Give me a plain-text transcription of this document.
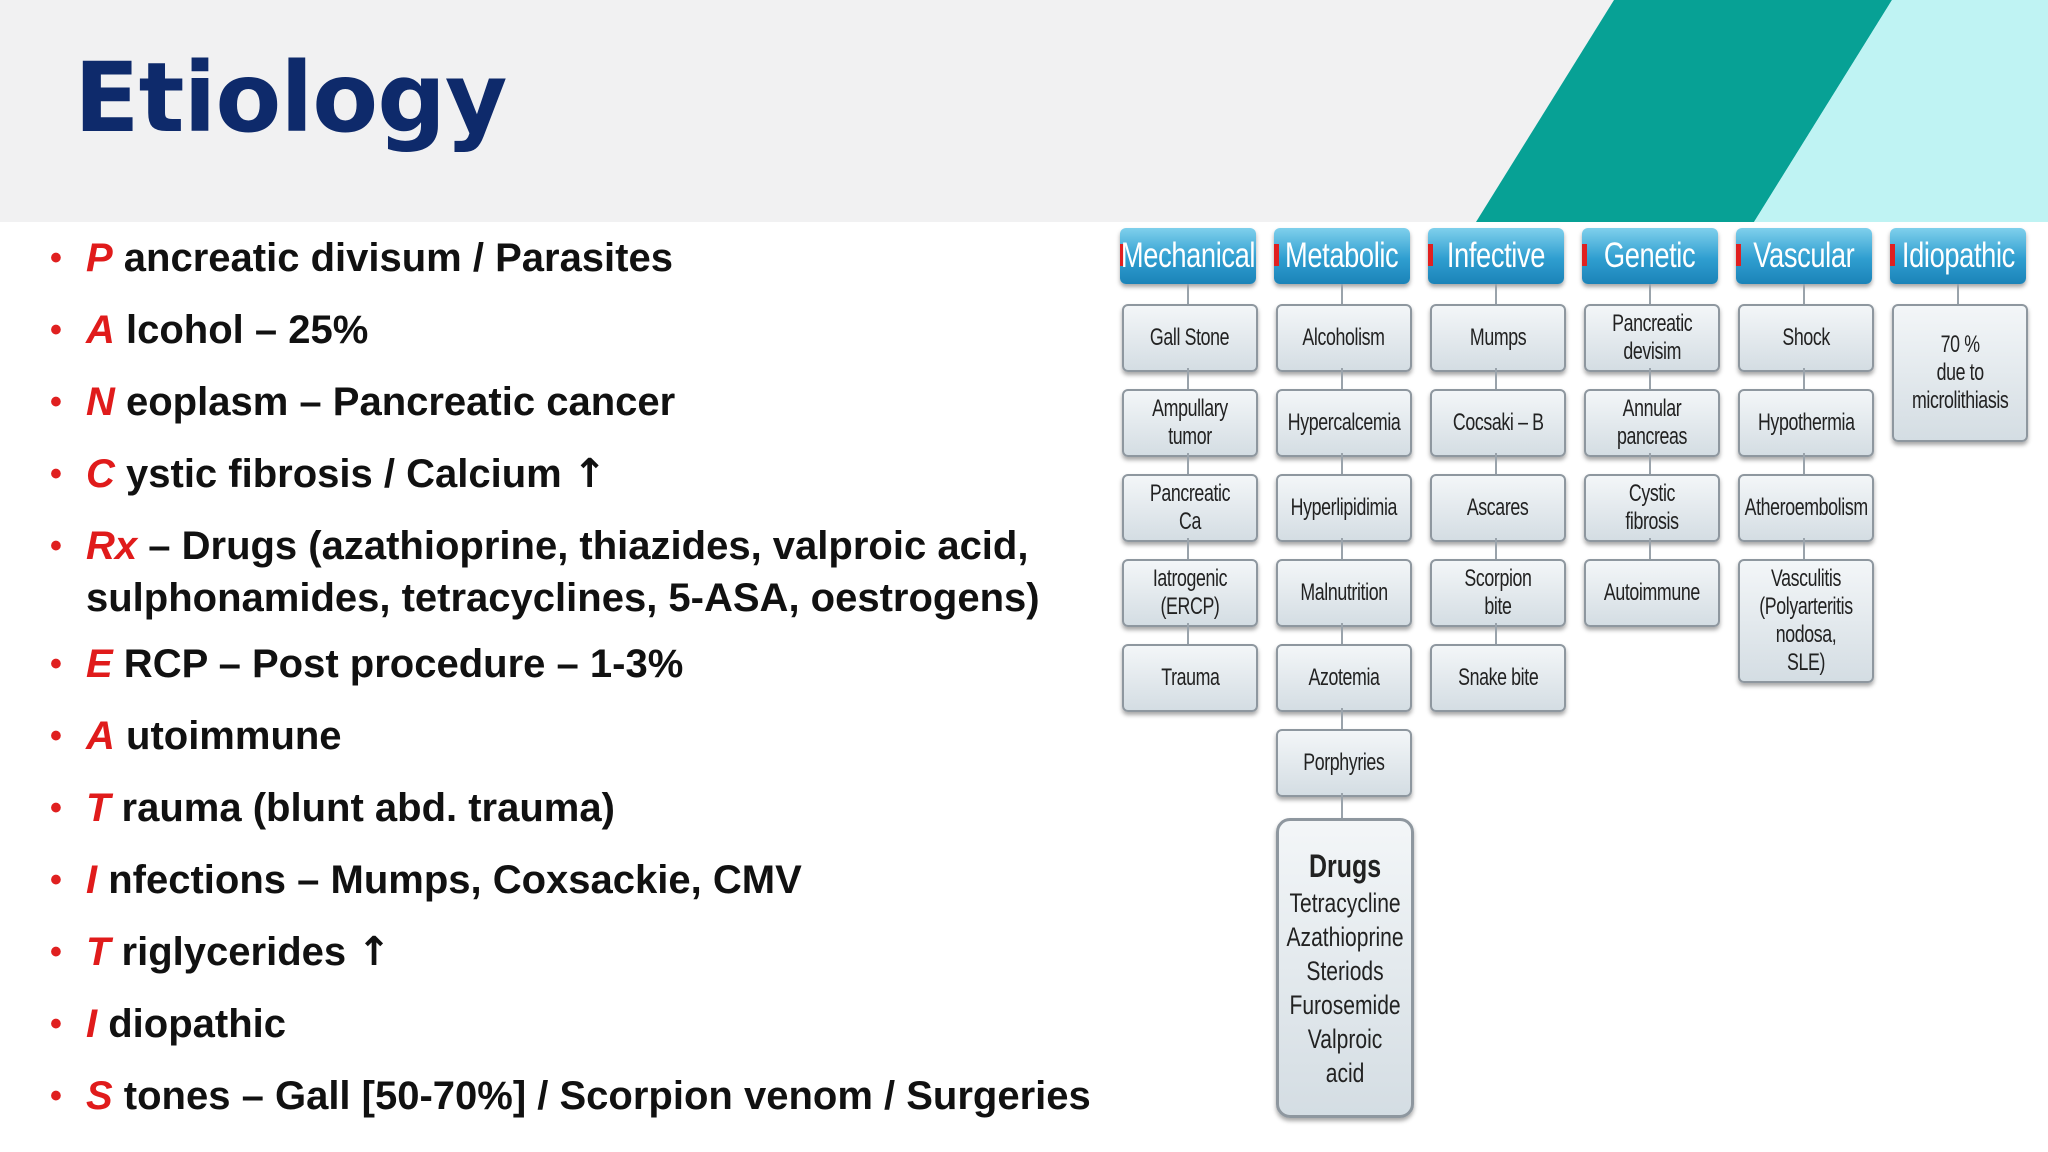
Etiology
• P ancreatic divisum / Parasites
• A lcohol – 25%
• N eoplasm – Pancreatic cancer
• C ystic fibrosis / Calcium ↑
• Rx – Drugs (azathioprine, thiazides, valproic acid, sulphonamides, tetracyclines, 5-ASA, oestrogens)
• E RCP – Post procedure – 1-3%
• A utoimmune
• T rauma (blunt abd. trauma)
• I nfections – Mumps, Coxsackie, CMV
• T riglycerides ↑
• I diopathic
• S tones – Gall [50-70%] / Scorpion venom / Surgeries
Mechanical
Gall Stone
Ampullary tumor
Pancreatic Ca
Iatrogenic (ERCP)
Trauma
Metabolic
Alcoholism
Hypercalcemia
Hyperlipidimia
Malnutrition
Azotemia
Porphyries
Drugs
Tetracycline
Azathioprine
Steriods
Furosemide
Valproic acid
Infective
Mumps
Cocsaki – B
Ascares
Scorpion bite
Snake bite
Genetic
Pancreatic
devisim
Annular pancreas
Cystic fibrosis
Autoimmune
Vascular
Shock
Hypothermia
Atheroembolism
Vasculitis
(Polyarteritis
nodosa, SLE)
Idiopathic
70 %
due to
microlithiasis
